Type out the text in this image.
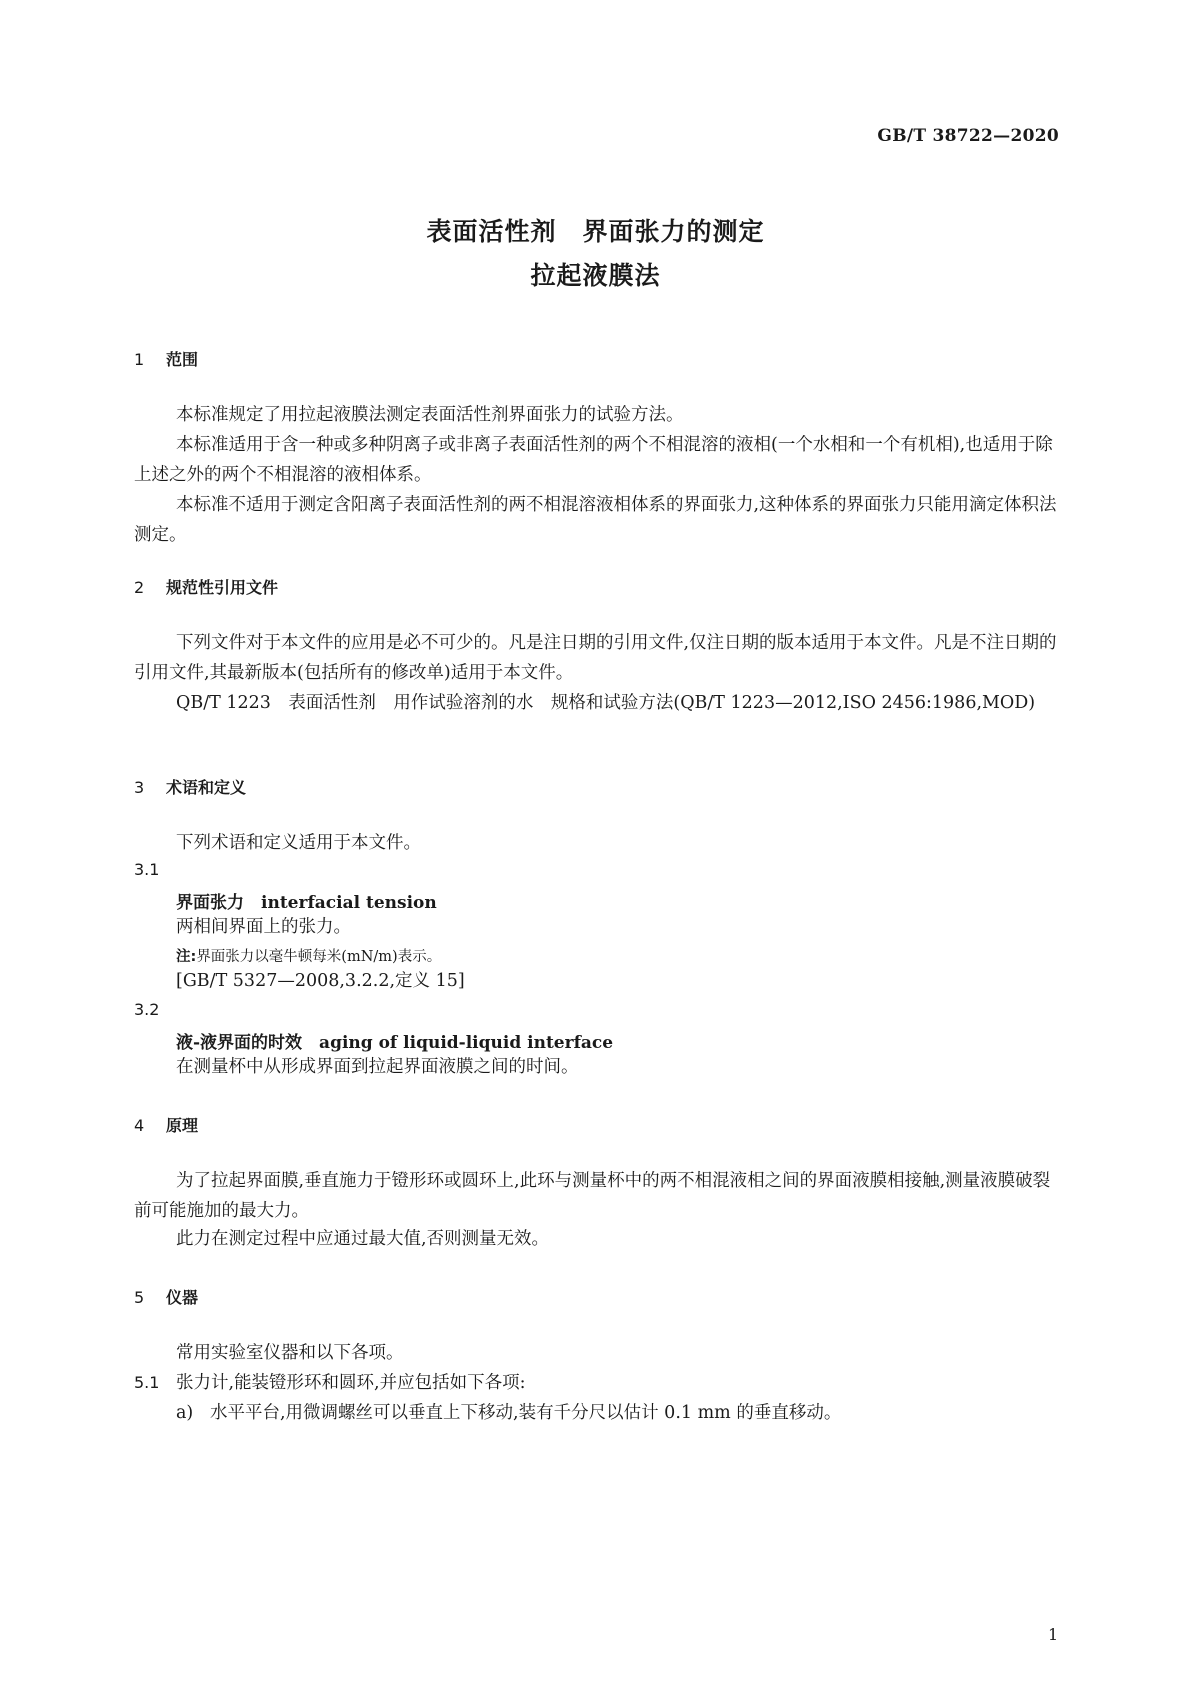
GB/T 38722—2020
表面活性剂　界面张力的测定
拉起液膜法
1 范围
本标准规定了用拉起液膜法测定表面活性剂界面张力的试验方法。
本标准适用于含一种或多种阴离子或非离子表面活性剂的两个不相混溶的液相(一个水相和一个有机相),也适用于除上述之外的两个不相混溶的液相体系。
本标准不适用于测定含阳离子表面活性剂的两不相混溶液相体系的界面张力,这种体系的界面张力只能用滴定体积法测定。
2 规范性引用文件
下列文件对于本文件的应用是必不可少的。凡是注日期的引用文件,仅注日期的版本适用于本文件。凡是不注日期的引用文件,其最新版本(包括所有的修改单)适用于本文件。
QB/T 1223　表面活性剂　用作试验溶剂的水　规格和试验方法(QB/T 1223—2012,ISO 2456:1986,MOD)
3 术语和定义
下列术语和定义适用于本文件。
3.1
界面张力　interfacial tension
两相间界面上的张力。
注:界面张力以毫牛顿每米(mN/m)表示。
[GB/T 5327—2008,3.2.2,定义 15]
3.2
液-液界面的时效　aging of liquid-liquid interface
在测量杯中从形成界面到拉起界面液膜之间的时间。
4 原理
为了拉起界面膜,垂直施力于镫形环或圆环上,此环与测量杯中的两不相混液相之间的界面液膜相接触,测量液膜破裂前可能施加的最大力。
此力在测定过程中应通过最大值,否则测量无效。
5 仪器
常用实验室仪器和以下各项。
5.1 张力计,能装镫形环和圆环,并应包括如下各项:
a) 水平平台,用微调螺丝可以垂直上下移动,装有千分尺以估计 0.1 mm 的垂直移动。
1
